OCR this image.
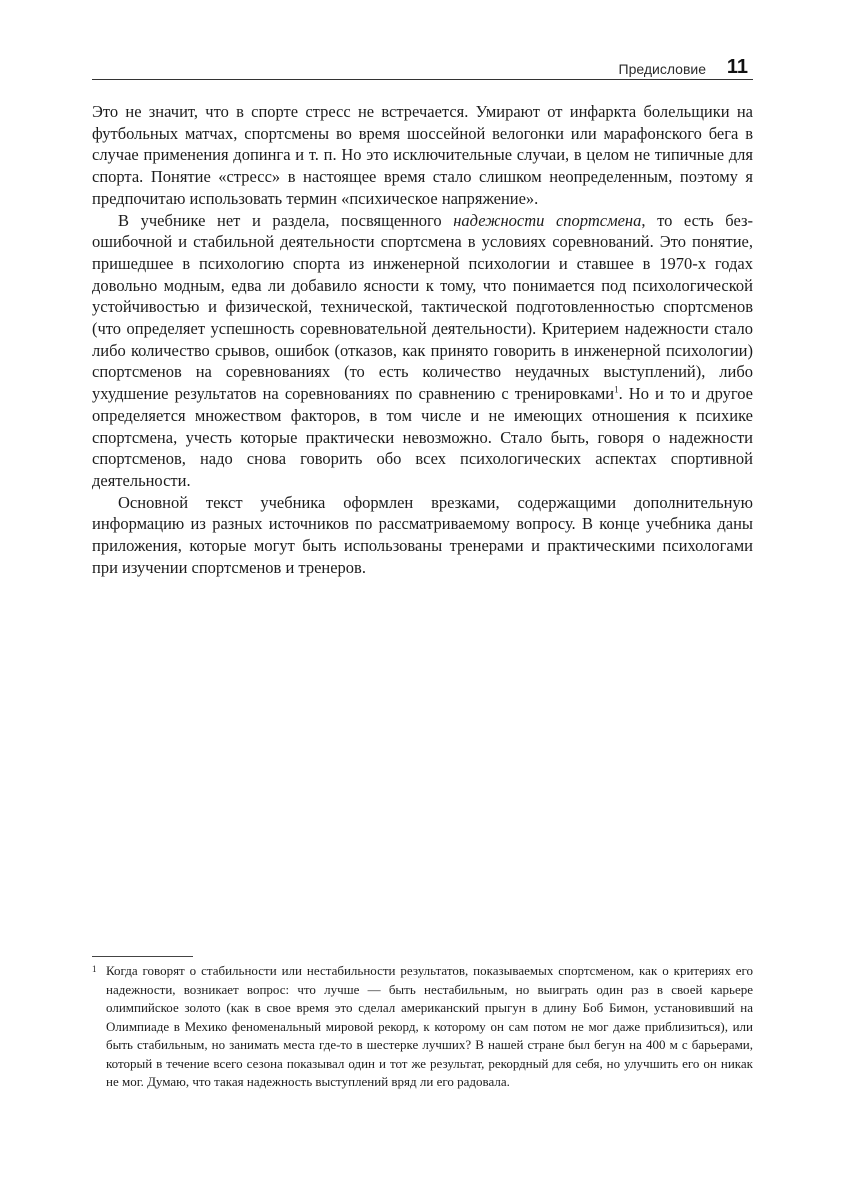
Предисловие 11

Это не значит, что в спорте стресс не встречается. Умирают от инфаркта болельщики на футбольных матчах, спортсмены во время шоссейной велогонки или марафонского бега в случае применения допинга и т. п. Но это исключительные случаи, в целом не типичные для спорта. Понятие «стресс» в настоящее время стало слишком неопределенным, поэтому я предпочитаю использовать термин «психическое напряжение».

В учебнике нет и раздела, посвященного надежности спортсмена, то есть безошибочной и стабильной деятельности спортсмена в условиях соревнований. Это понятие, пришедшее в психологию спорта из инженерной психологии и ставшее в 1970-х годах довольно модным, едва ли добавило ясности к тому, что понимается под психологической устойчивостью и физической, технической, тактической подготовленностью спортсменов (что определяет успешность соревновательной деятельности). Критерием надежности стало либо количество срывов, ошибок (отказов, как принято говорить в инженерной психологии) спортсменов на соревнованиях (то есть количество неудачных выступлений), либо ухудшение результатов на соревнованиях по сравнению с тренировками$^1$. Но и то и другое определяется множеством факторов, в том числе и не имеющих отношения к психике спортсмена, учесть которые практически невозможно. Стало быть, говоря о надежности спортсменов, надо снова говорить обо всех психологических аспектах спортивной деятельности.

Основной текст учебника оформлен врезками, содержащими дополнительную информацию из разных источников по рассматриваемому вопросу. В конце учебника даны приложения, которые могут быть использованы тренерами и практическими психологами при изучении спортсменов и тренеров.

1 Когда говорят о стабильности или нестабильности результатов, показываемых спортсменом, как о критериях его надежности, возникает вопрос: что лучше — быть нестабильным, но выиграть один раз в своей карьере олимпийское золото (как в свое время это сделал американский прыгун в длину Боб Бимон, установивший на Олимпиаде в Мехико феноменальный мировой рекорд, к которому он сам потом не мог даже приблизиться), или быть стабильным, но занимать места где-то в шестерке лучших? В нашей стране был бегун на 400 м с барьерами, который в течение всего сезона показывал один и тот же результат, рекордный для себя, но улучшить его он никак не мог. Думаю, что такая надежность выступлений вряд ли его радовала.
